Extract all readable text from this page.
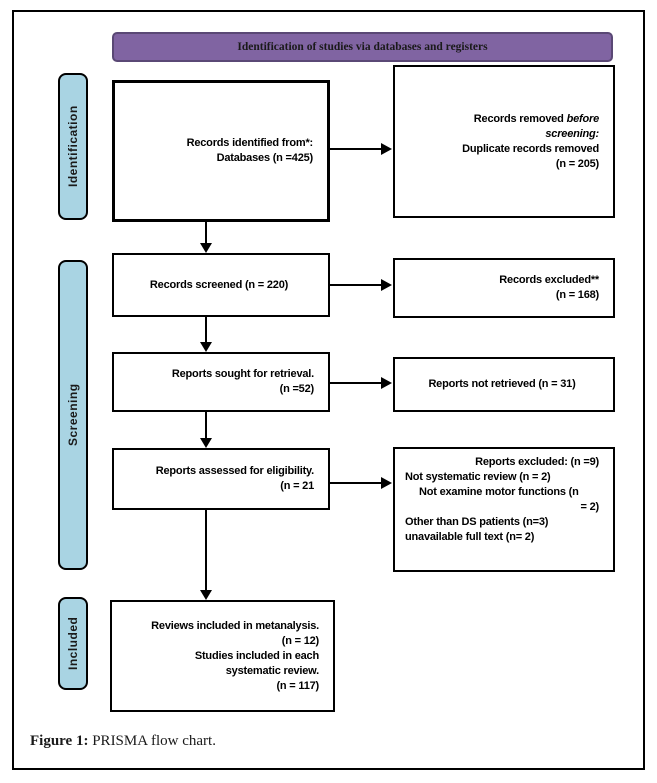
Identification of studies via databases and registers
Identification
Screening
Included
Records identified from*:
Databases (n =425)
Records removed before
screening:
Duplicate records removed
(n = 205)
Records screened (n = 220)	Records excluded**
(n = 168)
Reports sought for retrieval.
(n =52)	Reports not retrieved (n = 31)
Reports assessed for eligibility.
(n = 21
Reports excluded: (n =9)
Not systematic review (n = 2)
Not examine motor functions (n
= 2)
Other than DS patients (n=3)
unavailable full text (n= 2)
Reviews included in metanalysis.
(n = 12)
Studies included in each
systematic review.
(n = 117)
Figure 1: PRISMA flow chart.
